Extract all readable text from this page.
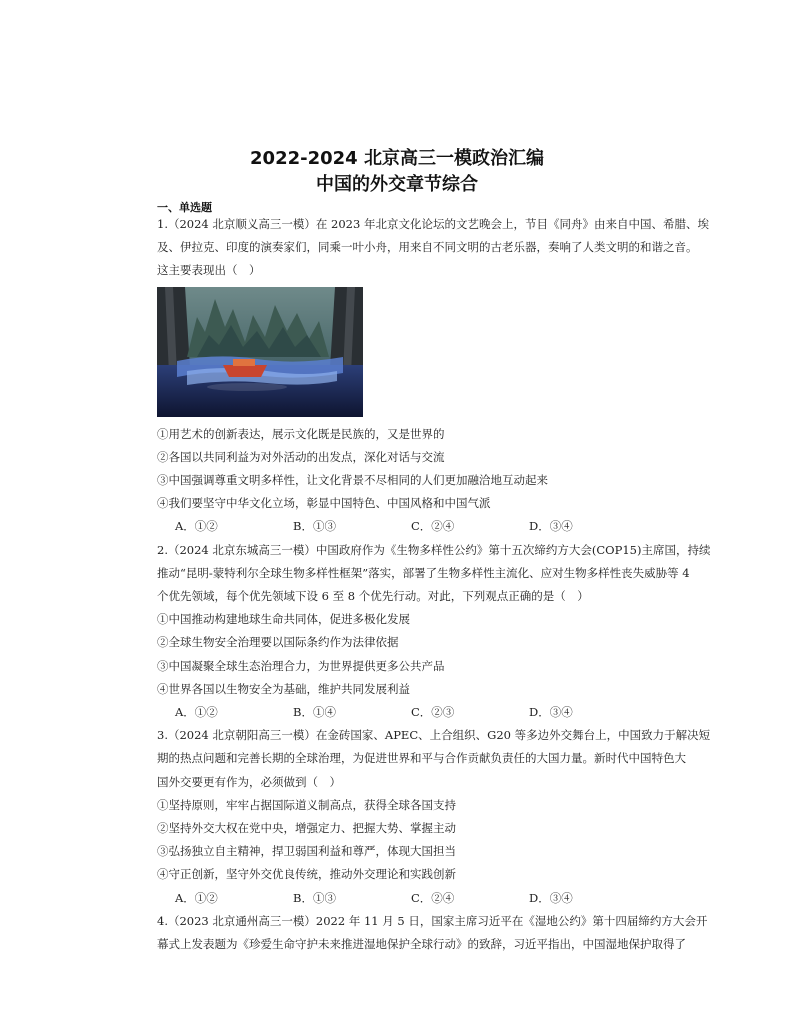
2022-2024 北京高三一模政治汇编
中国的外交章节综合
一、单选题

1.（2024 北京顺义高三一模）在 2023 年北京文化论坛的文艺晚会上，节目《同舟》由来自中国、希腊、埃

及、伊拉克、印度的演奏家们，同乘一叶小舟，用来自不同文明的古老乐器，奏响了人类文明的和谐之音。

这主要表现出（　）

①用艺术的创新表达，展示文化既是民族的，又是世界的

②各国以共同利益为对外活动的出发点，深化对话与交流

③中国强调尊重文明多样性，让文化背景不尽相同的人们更加融洽地互动起来

④我们要坚守中华文化立场，彰显中国特色、中国风格和中国气派

A．①②	B．①③	C．②④	D．③④

2.（2024 北京东城高三一模）中国政府作为《生物多样性公约》第十五次缔约方大会(COP15)主席国，持续

推动“昆明-蒙特利尔全球生物多样性框架”落实，部署了生物多样性主流化、应对生物多样性丧失威胁等 4

个优先领域，每个优先领域下设 6 至 8 个优先行动。对此，下列观点正确的是（　）

①中国推动构建地球生命共同体，促进多极化发展

②全球生物安全治理要以国际条约作为法律依据

③中国凝聚全球生态治理合力，为世界提供更多公共产品

④世界各国以生物安全为基础，维护共同发展利益

A．①②	B．①④	C．②③	D．③④

3.（2024 北京朝阳高三一模）在金砖国家、APEC、上合组织、G20 等多边外交舞台上，中国致力于解决短

期的热点问题和完善长期的全球治理，为促进世界和平与合作贡献负责任的大国力量。新时代中国特色大

国外交要更有作为，必须做到（　）

①坚持原则，牢牢占据国际道义制高点，获得全球各国支持

②坚持外交大权在党中央，增强定力、把握大势、掌握主动

③弘扬独立自主精神，捍卫弱国利益和尊严，体现大国担当

④守正创新，坚守外交优良传统，推动外交理论和实践创新

A．①②	B．①③	C．②④	D．③④

4.（2023 北京通州高三一模）2022 年 11 月 5 日，国家主席习近平在《湿地公约》第十四届缔约方大会开

幕式上发表题为《珍爱生命守护未来推进湿地保护全球行动》的致辞，习近平指出，中国湿地保护取得了
